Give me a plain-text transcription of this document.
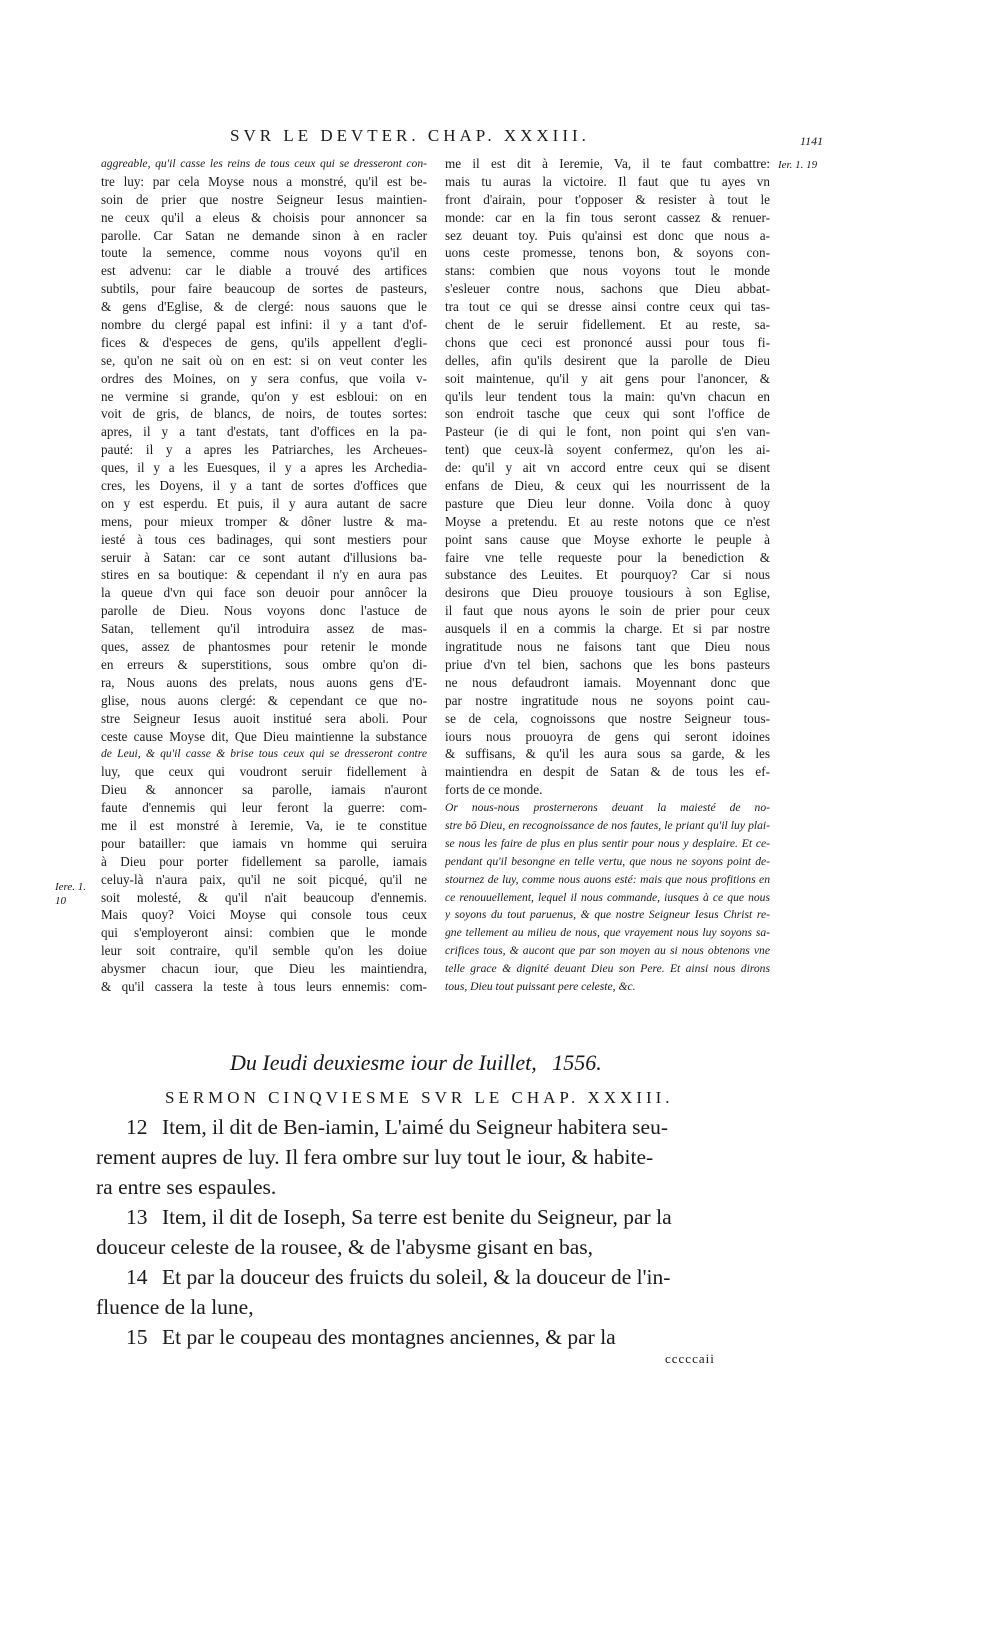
SVR LE DEVTER. CHAP. XXXIII.	1141
Ier. 1. 19
Iere. 1. 10
aggreable, qu'il casse les reins de tous ceux qui se dresseront con-
tre luy: par cela Moyse nous a monstré, qu'il est be-
soin de prier que nostre Seigneur Iesus maintien-
ne ceux qu'il a eleus & choisis pour annoncer sa
parolle. Car Satan ne demande sinon à en racler
toute la semence, comme nous voyons qu'il en
est advenu: car le diable a trouvé des artifices
subtils, pour faire beaucoup de sortes de pasteurs,
& gens d'Eglise, & de clergé: nous sauons que le
nombre du clergé papal est infini: il y a tant d'of-
fices & d'especes de gens, qu'ils appellent d'egli-
se, qu'on ne sait où on en est: si on veut conter les
ordres des Moines, on y sera confus, que voila v-
ne vermine si grande, qu'on y est esbloui: on en
voit de gris, de blancs, de noirs, de toutes sortes:
apres, il y a tant d'estats, tant d'offices en la pa-
pauté: il y a apres les Patriarches, les Archeues-
ques, il y a les Euesques, il y a apres les Archedia-
cres, les Doyens, il y a tant de sortes d'offices que
on y est esperdu. Et puis, il y aura autant de sacre
mens, pour mieux tromper & dôner lustre & ma-
iesté à tous ces badinages, qui sont mestiers pour
seruir à Satan: car ce sont autant d'illusions ba-
stires en sa boutique: & cependant il n'y en aura pas
la queue d'vn qui face son deuoir pour annôcer la
parolle de Dieu. Nous voyons donc l'astuce de
Satan, tellement qu'il introduira assez de mas-
ques, assez de phantosmes pour retenir le monde
en erreurs & superstitions, sous ombre qu'on di-
ra, Nous auons des prelats, nous auons gens d'E-
glise, nous auons clergé: & cependant ce que no-
stre Seigneur Iesus auoit institué sera aboli. Pour
ceste cause Moyse dit, Que Dieu maintienne la substance
de Leui, & qu'il casse & brise tous ceux qui se dresseront contre
luy, que ceux qui voudront seruir fidellement à
Dieu & annoncer sa parolle, iamais n'auront
faute d'ennemis qui leur feront la guerre: com-
me il est monstré à Ieremie, Va, ie te constitue
pour batailler: que iamais vn homme qui seruira
à Dieu pour porter fidellement sa parolle, iamais
celuy-là n'aura paix, qu'il ne soit picqué, qu'il ne
soit molesté, & qu'il n'ait beaucoup d'ennemis.
Mais quoy? Voici Moyse qui console tous ceux
qui s'employeront ainsi: combien que le monde
leur soit contraire, qu'il semble qu'on les doiue
abysmer chacun iour, que Dieu les maintiendra,
& qu'il cassera la teste à tous leurs ennemis: com-
me il est dit à Ieremie, Va, il te faut combattre:
mais tu auras la victoire. Il faut que tu ayes vn
front d'airain, pour t'opposer & resister à tout le
monde: car en la fin tous seront cassez & renuer-
sez deuant toy. Puis qu'ainsi est donc que nous a-
uons ceste promesse, tenons bon, & soyons con-
stans: combien que nous voyons tout le monde
s'esleuer contre nous, sachons que Dieu abbat-
tra tout ce qui se dresse ainsi contre ceux qui tas-
chent de le seruir fidellement. Et au reste, sa-
chons que ceci est prononcé aussi pour tous fi-
delles, afin qu'ils desirent que la parolle de Dieu
soit maintenue, qu'il y ait gens pour l'anoncer, &
qu'ils leur tendent tous la main: qu'vn chacun en
son endroit tasche que ceux qui sont l'office de
Pasteur (ie di qui le font, non point qui s'en van-
tent) que ceux-là soyent confermez, qu'on les ai-
de: qu'il y ait vn accord entre ceux qui se disent
enfans de Dieu, & ceux qui les nourrissent de la
pasture que Dieu leur donne. Voila donc à quoy
Moyse a pretendu. Et au reste notons que ce n'est
point sans cause que Moyse exhorte le peuple à
faire vne telle requeste pour la benediction &
substance des Leuites. Et pourquoy? Car si nous
desirons que Dieu prouoye tousiours à son Eglise,
il faut que nous ayons le soin de prier pour ceux
ausquels il en a commis la charge. Et si par nostre
ingratitude nous ne faisons tant que Dieu nous
priue d'vn tel bien, sachons que les bons pasteurs
ne nous defaudront iamais. Moyennant donc que
par nostre ingratitude nous ne soyons point cau-
se de cela, cognoissons que nostre Seigneur tous-
iours nous prouoyra de gens qui seront idoines
& suffisans, & qu'il les aura sous sa garde, & les
maintiendra en despit de Satan & de tous les ef-
forts de ce monde.
Or nous-nous prosternerons deuant la maiesté de no-
stre bō Dieu, en recognoissance de nos fautes, le priant qu'il luy plai-
se nous les faire de plus en plus sentir pour nous y desplaire. Et ce-
pendant qu'il besongne en telle vertu, que nous ne soyons point de-
stournez de luy, comme nous auons esté: mais que nous profitions en
ce renouuellement, lequel il nous commande, iusques à ce que nous
y soyons du tout paruenus, & que nostre Seigneur Iesus Christ re-
gne tellement au milieu de nous, que vrayement nous luy soyons sa-
crifices tous, & aucont que par son moyen au si nous obtenons vne
telle grace & dignité deuant Dieu son Pere. Et ainsi nous dirons
tous, Dieu tout puissant pere celeste, &c.
Du Ieudi deuxiesme iour de Iuillet, 1556.
SERMON CINQVIESME SVR LE CHAP. XXXIII.
12 Item, il dit de Ben-iamin, L'aimé du Seigneur habitera seu-
rement aupres de luy. Il fera ombre sur luy tout le iour, & habite-
ra entre ses espaules.
13 Item, il dit de Ioseph, Sa terre est benite du Seigneur, par la
douceur celeste de la rousee, & de l'abysme gisant en bas,
14 Et par la douceur des fruicts du soleil, & la douceur de l'in-
fluence de la lune,
15 Et par le coupeau des montagnes anciennes, & par la
cccccaii
